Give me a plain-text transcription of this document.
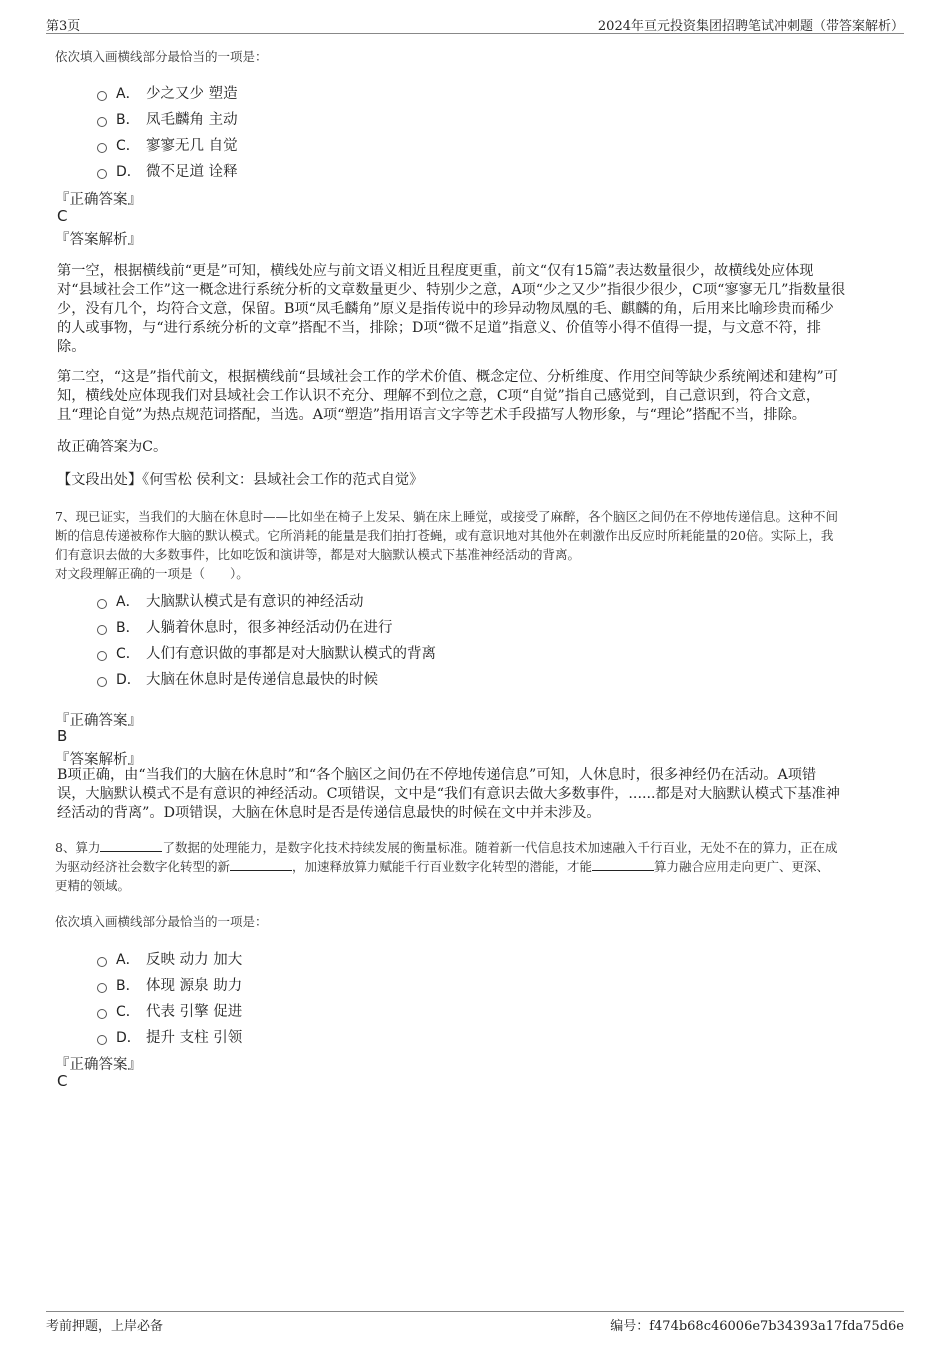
第3页	2024年亘元投资集团招聘笔试冲刺题（带答案解析）
依次填入画横线部分最恰当的一项是：
A． 少之又少 塑造
B． 凤毛麟角 主动
C． 寥寥无几 自觉
D． 微不足道 诠释
『正确答案』
C
『答案解析』
第一空，根据横线前“更是”可知，横线处应与前文语义相近且程度更重，前文“仅有15篇”表达数量很少，故横线处应体现
对“县域社会工作”这一概念进行系统分析的文章数量更少、特别少之意，A项“少之又少”指很少很少，C项“寥寥无几”指数量很
少，没有几个，均符合文意，保留。B项“凤毛麟角”原义是指传说中的珍异动物凤凰的毛、麒麟的角，后用来比喻珍贵而稀少
的人或事物，与“进行系统分析的文章”搭配不当，排除；D项“微不足道”指意义、价值等小得不值得一提，与文意不符，排
除。
第二空，“这是”指代前文，根据横线前“县域社会工作的学术价值、概念定位、分析维度、作用空间等缺少系统阐述和建构”可
知，横线处应体现我们对县域社会工作认识不充分、理解不到位之意，C项“自觉”指自己感觉到，自己意识到，符合文意，
且“理论自觉”为热点规范词搭配，当选。A项“塑造”指用语言文字等艺术手段描写人物形象，与“理论”搭配不当，排除。
故正确答案为C。
【文段出处】《何雪松 侯利文：县域社会工作的范式自觉》
7、现已证实，当我们的大脑在休息时——比如坐在椅子上发呆、躺在床上睡觉，或接受了麻醉，各个脑区之间仍在不停地传递信息。这种不间
断的信息传递被称作大脑的默认模式。它所消耗的能量是我们拍打苍蝇，或有意识地对其他外在刺激作出反应时所耗能量的20倍。实际上，我
们有意识去做的大多数事件，比如吃饭和演讲等，都是对大脑默认模式下基准神经活动的背离。
对文段理解正确的一项是（　　）。
A． 大脑默认模式是有意识的神经活动
B． 人躺着休息时，很多神经活动仍在进行
C． 人们有意识做的事都是对大脑默认模式的背离
D． 大脑在休息时是传递信息最快的时候
『正确答案』
B
『答案解析』
B项正确，由“当我们的大脑在休息时”和“各个脑区之间仍在不停地传递信息”可知，人休息时，很多神经仍在活动。A项错
误，大脑默认模式不是有意识的神经活动。C项错误，文中是“我们有意识去做大多数事件，......都是对大脑默认模式下基准神
经活动的背离”。D项错误，大脑在休息时是否是传递信息最快的时候在文中并未涉及。
8、算力	了数据的处理能力，是数字化技术持续发展的衡量标准。随着新一代信息技术加速融入千行百业，无处不在的算力，正在成
为驱动经济社会数字化转型的新	，加速释放算力赋能千行百业数字化转型的潜能，才能	算力融合应用走向更广、更深、
更精的领域。
依次填入画横线部分最恰当的一项是：
A． 反映 动力 加大
B． 体现 源泉 助力
C． 代表 引擎 促进
D． 提升 支柱 引领
『正确答案』
C
考前押题，上岸必备	编号：f474b68c46006e7b34393a17fda75d6e
